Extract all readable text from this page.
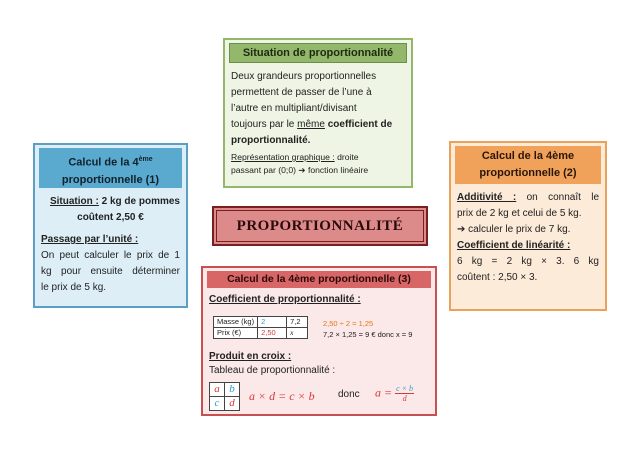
Situation de proportionnalité
Deux grandeurs proportionnelles
permettent de passer de l’une à
l’autre en multipliant/divisant
toujours par le même coefficient de
proportionnalité.
Représentation graphique : droite
passant par (0;0) ➔ fonction linéaire
Calcul de la 4ème
proportionnelle (1)
Situation : 2 kg de pommes
coûtent 2,50 €
Passage par l’unité :
On peut calculer le prix de 1
kg pour ensuite déterminer
le prix de 5 kg.
Calcul de la 4ème
proportionnelle (2)
Additivité : on connaît le
prix de 2 kg et celui de 5 kg.
➔ calculer le prix de 7 kg.
Coefficient de linéarité :
6 kg = 2 kg × 3. 6 kg
coûtent : 2,50 × 3.
PROPORTIONNALITÉ
Calcul de la 4ème proportionnelle (3)
Coefficient de proportionnalité :
Masse (kg)	2	7,2
Prix (€)	2,50	x
2,50 ÷ 2 = 1,25
7,2 × 1,25 = 9 € donc x = 9
Produit en croix :
Tableau de proportionnalité :
a	b
c	d a × d = c × b donc $a = \frac{c \times b}{d}$
